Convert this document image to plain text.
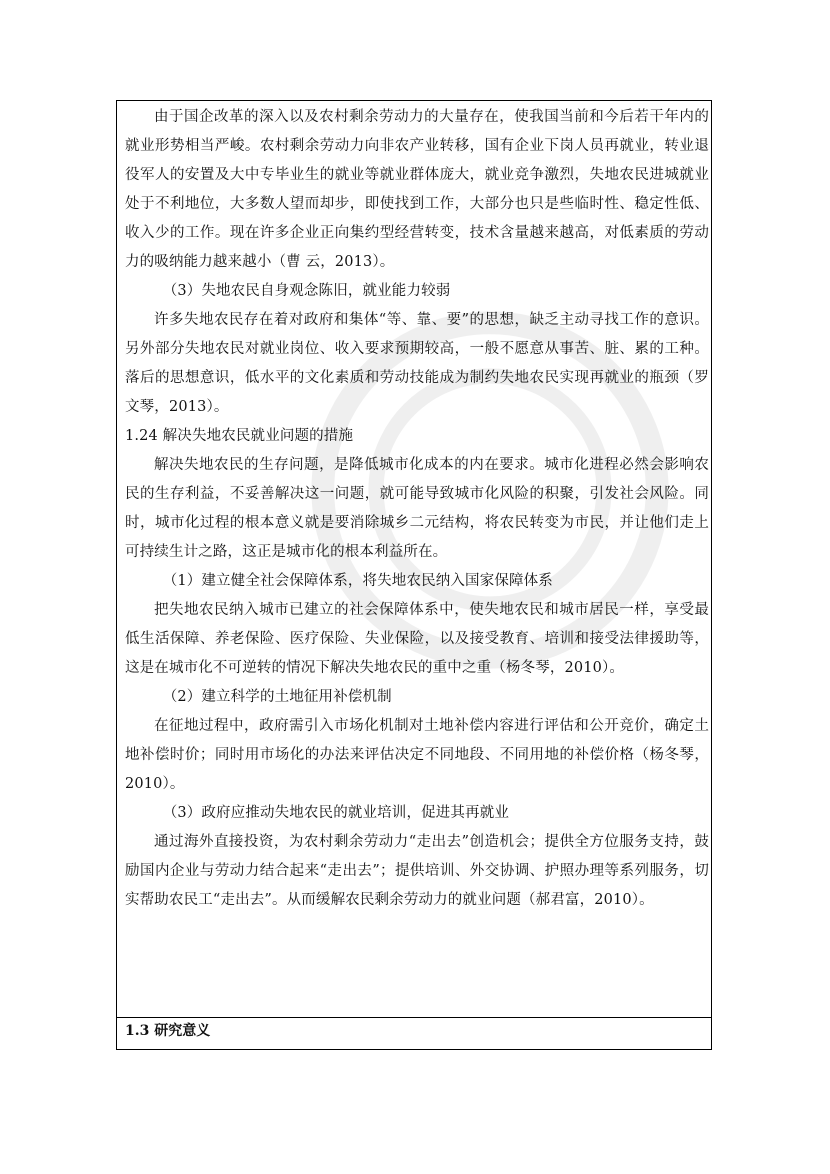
由于国企改革的深入以及农村剩余劳动力的大量存在，使我国当前和今后若干年内的就业形势相当严峻。农村剩余劳动力向非农产业转移，国有企业下岗人员再就业，转业退役军人的安置及大中专毕业生的就业等就业群体庞大，就业竞争激烈，失地农民进城就业处于不利地位，大多数人望而却步，即使找到工作，大部分也只是些临时性、稳定性低、收入少的工作。现在许多企业正向集约型经营转变，技术含量越来越高，对低素质的劳动力的吸纳能力越来越小（曹 云，2013）。

（3）失地农民自身观念陈旧，就业能力较弱

许多失地农民存在着对政府和集体“等、靠、要”的思想，缺乏主动寻找工作的意识。另外部分失地农民对就业岗位、收入要求预期较高，一般不愿意从事苦、脏、累的工种。落后的思想意识，低水平的文化素质和劳动技能成为制约失地农民实现再就业的瓶颈（罗文琴，2013）。

1.24 解决失地农民就业问题的措施

解决失地农民的生存问题，是降低城市化成本的内在要求。城市化进程必然会影响农民的生存利益，不妥善解决这一问题，就可能导致城市化风险的积聚，引发社会风险。同时，城市化过程的根本意义就是要消除城乡二元结构，将农民转变为市民，并让他们走上可持续生计之路，这正是城市化的根本利益所在。

（1）建立健全社会保障体系，将失地农民纳入国家保障体系

把失地农民纳入城市已建立的社会保障体系中，使失地农民和城市居民一样，享受最低生活保障、养老保险、医疗保险、失业保险，以及接受教育、培训和接受法律援助等，这是在城市化不可逆转的情况下解决失地农民的重中之重（杨冬琴，2010）。

（2）建立科学的土地征用补偿机制

在征地过程中，政府需引入市场化机制对土地补偿内容进行评估和公开竞价，确定土地补偿时价；同时用市场化的办法来评估决定不同地段、不同用地的补偿价格（杨冬琴，2010）。

（3）政府应推动失地农民的就业培训，促进其再就业

通过海外直接投资，为农村剩余劳动力“走出去”创造机会；提供全方位服务支持，鼓励国内企业与劳动力结合起来“走出去”；提供培训、外交协调、护照办理等系列服务，切实帮助农民工“走出去”。从而缓解农民剩余劳动力的就业问题（郝君富，2010）。

1.3 研究意义
